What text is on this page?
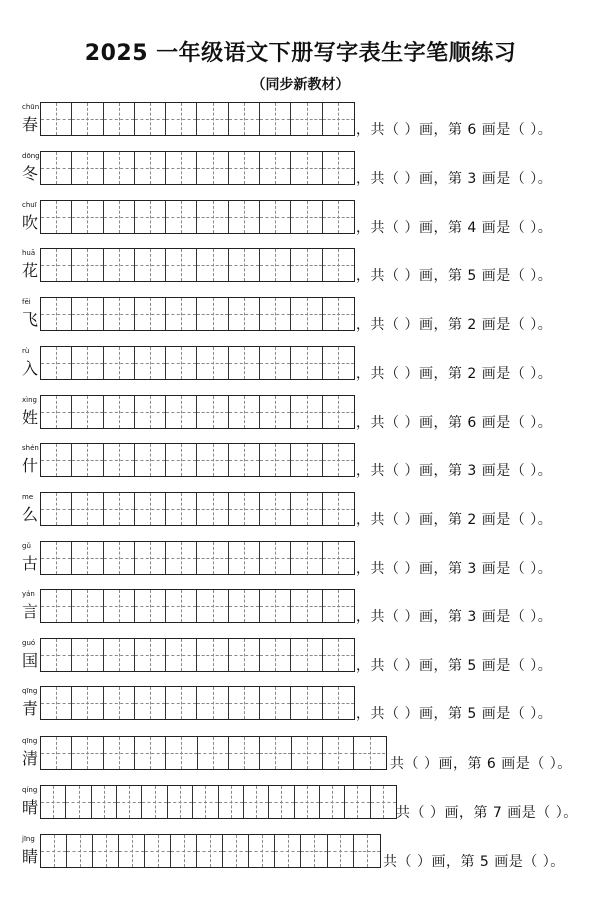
2025 一年级语文下册写字表生字笔顺练习
（同步新教材）
chūn
春	，共（ ）画，第 6 画是（ ）。
dōng
冬	，共（ ）画，第 3 画是（ ）。
chuī
吹	，共（ ）画，第 4 画是（ ）。
huā
花	，共（ ）画，第 5 画是（ ）。
fēi
飞	，共（ ）画，第 2 画是（ ）。
rù
入	，共（ ）画，第 2 画是（ ）。
xìng
姓	，共（ ）画，第 6 画是（ ）。
shén
什	，共（ ）画，第 3 画是（ ）。
me
么	，共（ ）画，第 2 画是（ ）。
gǔ
古	，共（ ）画，第 3 画是（ ）。
yán
言	，共（ ）画，第 3 画是（ ）。
guó
国	，共（ ）画，第 5 画是（ ）。
qīng
青	，共（ ）画，第 5 画是（ ）。
qīng
清	共（ ）画，第 6 画是（ ）。
qíng
晴	共（ ）画，第 7 画是（ ）。
jīng
睛	共（ ）画，第 5 画是（ ）。
